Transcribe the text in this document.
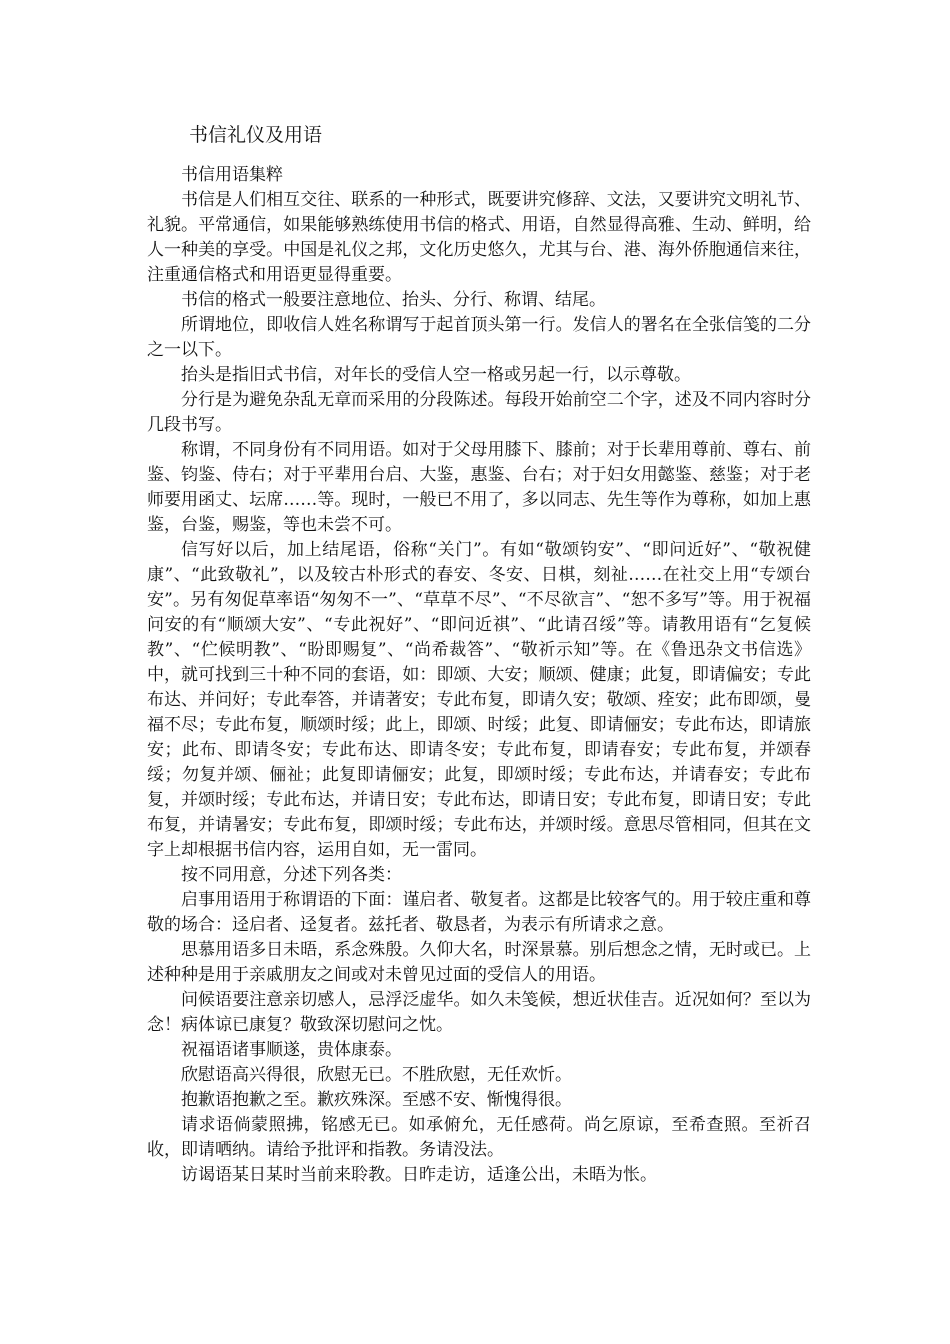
书信礼仪及用语

书信用语集粹

书信是人们相互交往、联系的一种形式，既要讲究修辞、文法，又要讲究文明礼节、礼貌。平常通信，如果能够熟练使用书信的格式、用语，自然显得高雅、生动、鲜明，给人一种美的享受。中国是礼仪之邦，文化历史悠久，尤其与台、港、海外侨胞通信来往，注重通信格式和用语更显得重要。

书信的格式一般要注意地位、抬头、分行、称谓、结尾。

所谓地位，即收信人姓名称谓写于起首顶头第一行。发信人的署名在全张信笺的二分之一以下。

抬头是指旧式书信，对年长的受信人空一格或另起一行，以示尊敬。

分行是为避免杂乱无章而采用的分段陈述。每段开始前空二个字，述及不同内容时分几段书写。

称谓，不同身份有不同用语。如对于父母用膝下、膝前；对于长辈用尊前、尊右、前鉴、钧鉴、侍右；对于平辈用台启、大鉴，惠鉴、台右；对于妇女用懿鉴、慈鉴；对于老师要用函丈、坛席……等。现时，一般已不用了，多以同志、先生等作为尊称，如加上惠鉴，台鉴，赐鉴，等也未尝不可。

信写好以后，加上结尾语，俗称“关门”。有如“敬颂钧安”、“即问近好”、“敬祝健康”、“此致敬礼”，以及较古朴形式的春安、冬安、日棋，刻祉……在社交上用“专颂台安”。另有匆促草率语“匆匆不一”、“草草不尽”、“不尽欲言”、“恕不多写”等。用于祝福问安的有“顺颂大安”、“专此祝好”、“即问近祺”、“此请召绥”等。请教用语有“乞复候教”、“伫候明教”、“盼即赐复”、“尚希裁答”、“敬祈示知”等。在《鲁迅杂文书信选》中，就可找到三十种不同的套语，如：即颂、大安；顺颂、健康；此复，即请偏安；专此布达、并问好；专此奉答，并请著安；专此布复，即请久安；敬颂、痊安；此布即颂，曼福不尽；专此布复，顺颂时绥；此上，即颂、时绥；此复、即请俪安；专此布达，即请旅安；此布、即请冬安；专此布达、即请冬安；专此布复，即请春安；专此布复，并颂春绥；勿复并颂、俪祉；此复即请俪安；此复，即颂时绥；专此布达，并请春安；专此布复，并颂时绥；专此布达，并请日安；专此布达，即请日安；专此布复，即请日安；专此布复，并请暑安；专此布复，即颂时绥；专此布达，并颂时绥。意思尽管相同，但其在文字上却根据书信内容，运用自如，无一雷同。

按不同用意，分述下列各类：

启事用语用于称谓语的下面：谨启者、敬复者。这都是比较客气的。用于较庄重和尊敬的场合：迳启者、迳复者。兹托者、敬恳者，为表示有所请求之意。

思慕用语多日未晤，系念殊殷。久仰大名，时深景慕。别后想念之情，无时或已。上述种种是用于亲戚朋友之间或对未曾见过面的受信人的用语。

问候语要注意亲切感人，忌浮泛虚华。如久未笺候，想近状佳吉。近况如何？至以为念！病体谅已康复？敬致深切慰问之忱。

祝福语诸事顺遂，贵体康泰。

欣慰语高兴得很，欣慰无已。不胜欣慰，无任欢忻。

抱歉语抱歉之至。歉疚殊深。至感不安、惭愧得很。

请求语倘蒙照拂，铭感无已。如承俯允，无任感荷。尚乞原谅，至希查照。至祈召收，即请哂纳。请给予批评和指教。务请没法。

访谒语某日某时当前来聆教。日昨走访，适逢公出，未晤为怅。
